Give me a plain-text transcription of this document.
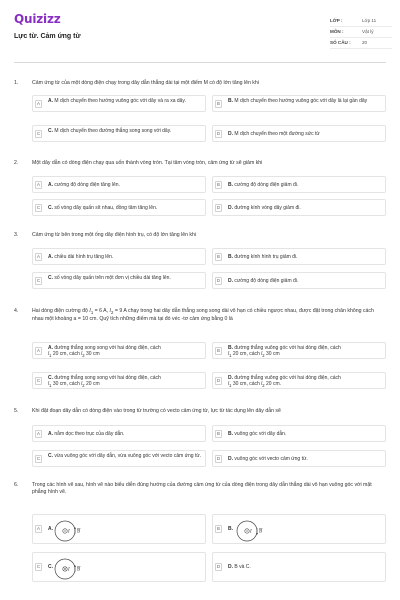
Quizizz
Lực từ. Cảm ứng từ
LỚP :	Lớp 11
MÔN :	Vật lý
SỐ CÂU :	20
1.	Cảm ứng từ của một dòng điện chạy trong dây dẫn thẳng dài tại một điểm M có độ lớn tăng lên khi
A	A. M dịch chuyển theo hướng vuông góc với dây và ra xa dây.	B	B. M dịch chuyển theo hướng vuông góc với dây là lại gần dây
C	C. M dịch chuyển theo đường thẳng song song với dây.	D	D. M dịch chuyển theo một đường sức từ
2.	Một dây dẫn có dòng điện chạy qua uốn thành vòng tròn. Tại tâm vòng tròn, cảm ứng từ sẽ giảm khi
A	A. cường độ dòng điện tăng lên.	B	B. cường độ dòng điện giảm đi.
C	C. số vòng dây quấn sít nhau, đồng tâm tăng lên.	D	D. đường kính vòng dây giảm đi.
3.	Cảm ứng từ bên trong một ống dây điện hình trụ, có độ lớn tăng lên khi
A	A. chiều dài hình trụ tăng lên.	B	B. đường kính hình trụ giảm đi.
C	C. số vòng dây quấn trên một đơn vị chiều dài tăng lên.	D	D. cường độ dòng điện giảm đi.
4.	Hai dòng điện cường độ $I_1 = 6$ A, $I_2 = 9$ A chạy trong hai dây dẫn thẳng song song dài vô hạn có chiều ngược nhau, được đặt trong chân không cách nhau một khoảng a = 10 cm. Quỹ tích những điểm mà tại đó véc -tơ cảm ứng bằng 0 là
A	A. đường thẳng song song với hai dòng điện, cách
$l_1$ 20 cm, cách $l_2$ 30 cm
B	B. đường thẳng vuông góc với hai dòng điện, cách
$l_1$ 20 cm, cách $l_2$ 30 cm
C	C. đường thẳng song song với hai dòng điện, cách
$l_1$ 30 cm, cách $l_2$ 20 cm
D	D. đường thẳng vuông góc với hai dòng điện, cách
$l_1$ 30 cm, cách $l_2$ 20 cm.
5.	Khi đặt đoạn dây dẫn có dòng điện vào trong từ trường có vecto cảm ứng từ, lực từ tác dụng lên dây dẫn sẽ
A	A. nằm dọc theo trục của dây dẫn.	B	B. vuông góc với dây dẫn.
C	C. vừa vuông góc với dây dẫn, vừa vuông góc với vecto cảm ứng từ.	D	D. vuông góc với vecto cảm ứng từ.
6.	Trong các hình vẽ sau, hình vẽ nào biểu diễn đúng hướng của đường cảm ứng từ của dòng điện trong dây dẫn thẳng dài vô hạn vuông góc với mặt phẳng hình vẽ.
A	A.
I B
B	B.
I B
C	C.
I B
D	D. B và C.
